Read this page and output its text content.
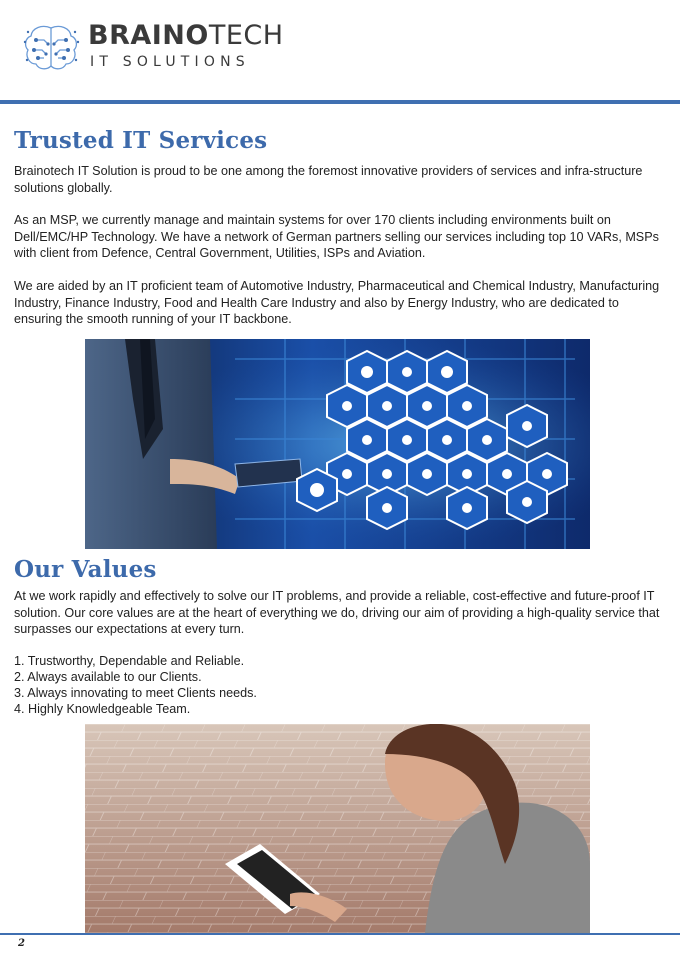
BRAINOTECH
IT SOLUTIONS
Trusted IT Services

Brainotech IT Solution is proud to be one among the foremost innovative providers of services and infra-structure solutions globally.

As an MSP, we currently manage and maintain systems for over 170 clients including environments built on Dell/EMC/HP Technology. We have a network of German partners selling our services including top 10 VARs, MSPs with client from Defence, Central Government, Utilities, ISPs and Aviation.

We are aided by an IT proficient team of Automotive Industry, Pharmaceutical and Chemical Industry, Manufacturing Industry, Finance Industry, Food and Health Care Industry and also by Energy Industry, who are dedicated to ensuring the smooth running of your IT backbone.

Our Values

At we work rapidly and effectively to solve our IT problems, and provide a reliable, cost-effective and future-proof IT solution. Our core values are at the heart of everything we do, driving our aim of providing a high-quality service that surpasses our expectations at every turn.

1. Trustworthy, Dependable and Reliable.

2. Always available to our Clients.

3. Always innovating to meet Clients needs.

4. Highly Knowledgeable Team.

2
